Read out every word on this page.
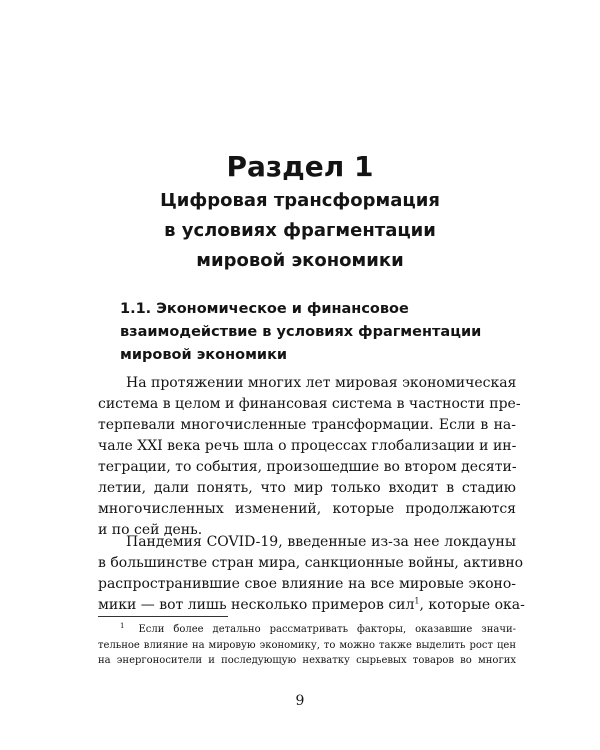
Раздел 1
Цифровая трансформация
в условиях фрагментации
мировой экономики
1.1. Экономическое и финансовое
взаимодействие в условиях фрагментации
мировой экономики
На протяжении многих лет мировая экономическая
система в целом и финансовая система в частности пре-
терпевали многочисленные трансформации. Если в на-
чале XXI века речь шла о процессах глобализации и ин-
теграции, то события, произошедшие во втором десяти-
летии, дали понять, что мир только входит в стадию
многочисленных изменений, которые продолжаются
и по сей день.
Пандемия COVID-19, введенные из-за нее локдауны
в большинстве стран мира, санкционные войны, активно
распространившие свое влияние на все мировые эконо-
мики — вот лишь несколько примеров сил$^1$, которые ока-
$^1$ Если более детально рассматривать факторы, оказавшие значи-
тельное влияние на мировую экономику, то можно также выделить рост цен
на энергоносители и последующую нехватку сырьевых товаров во многих
9
